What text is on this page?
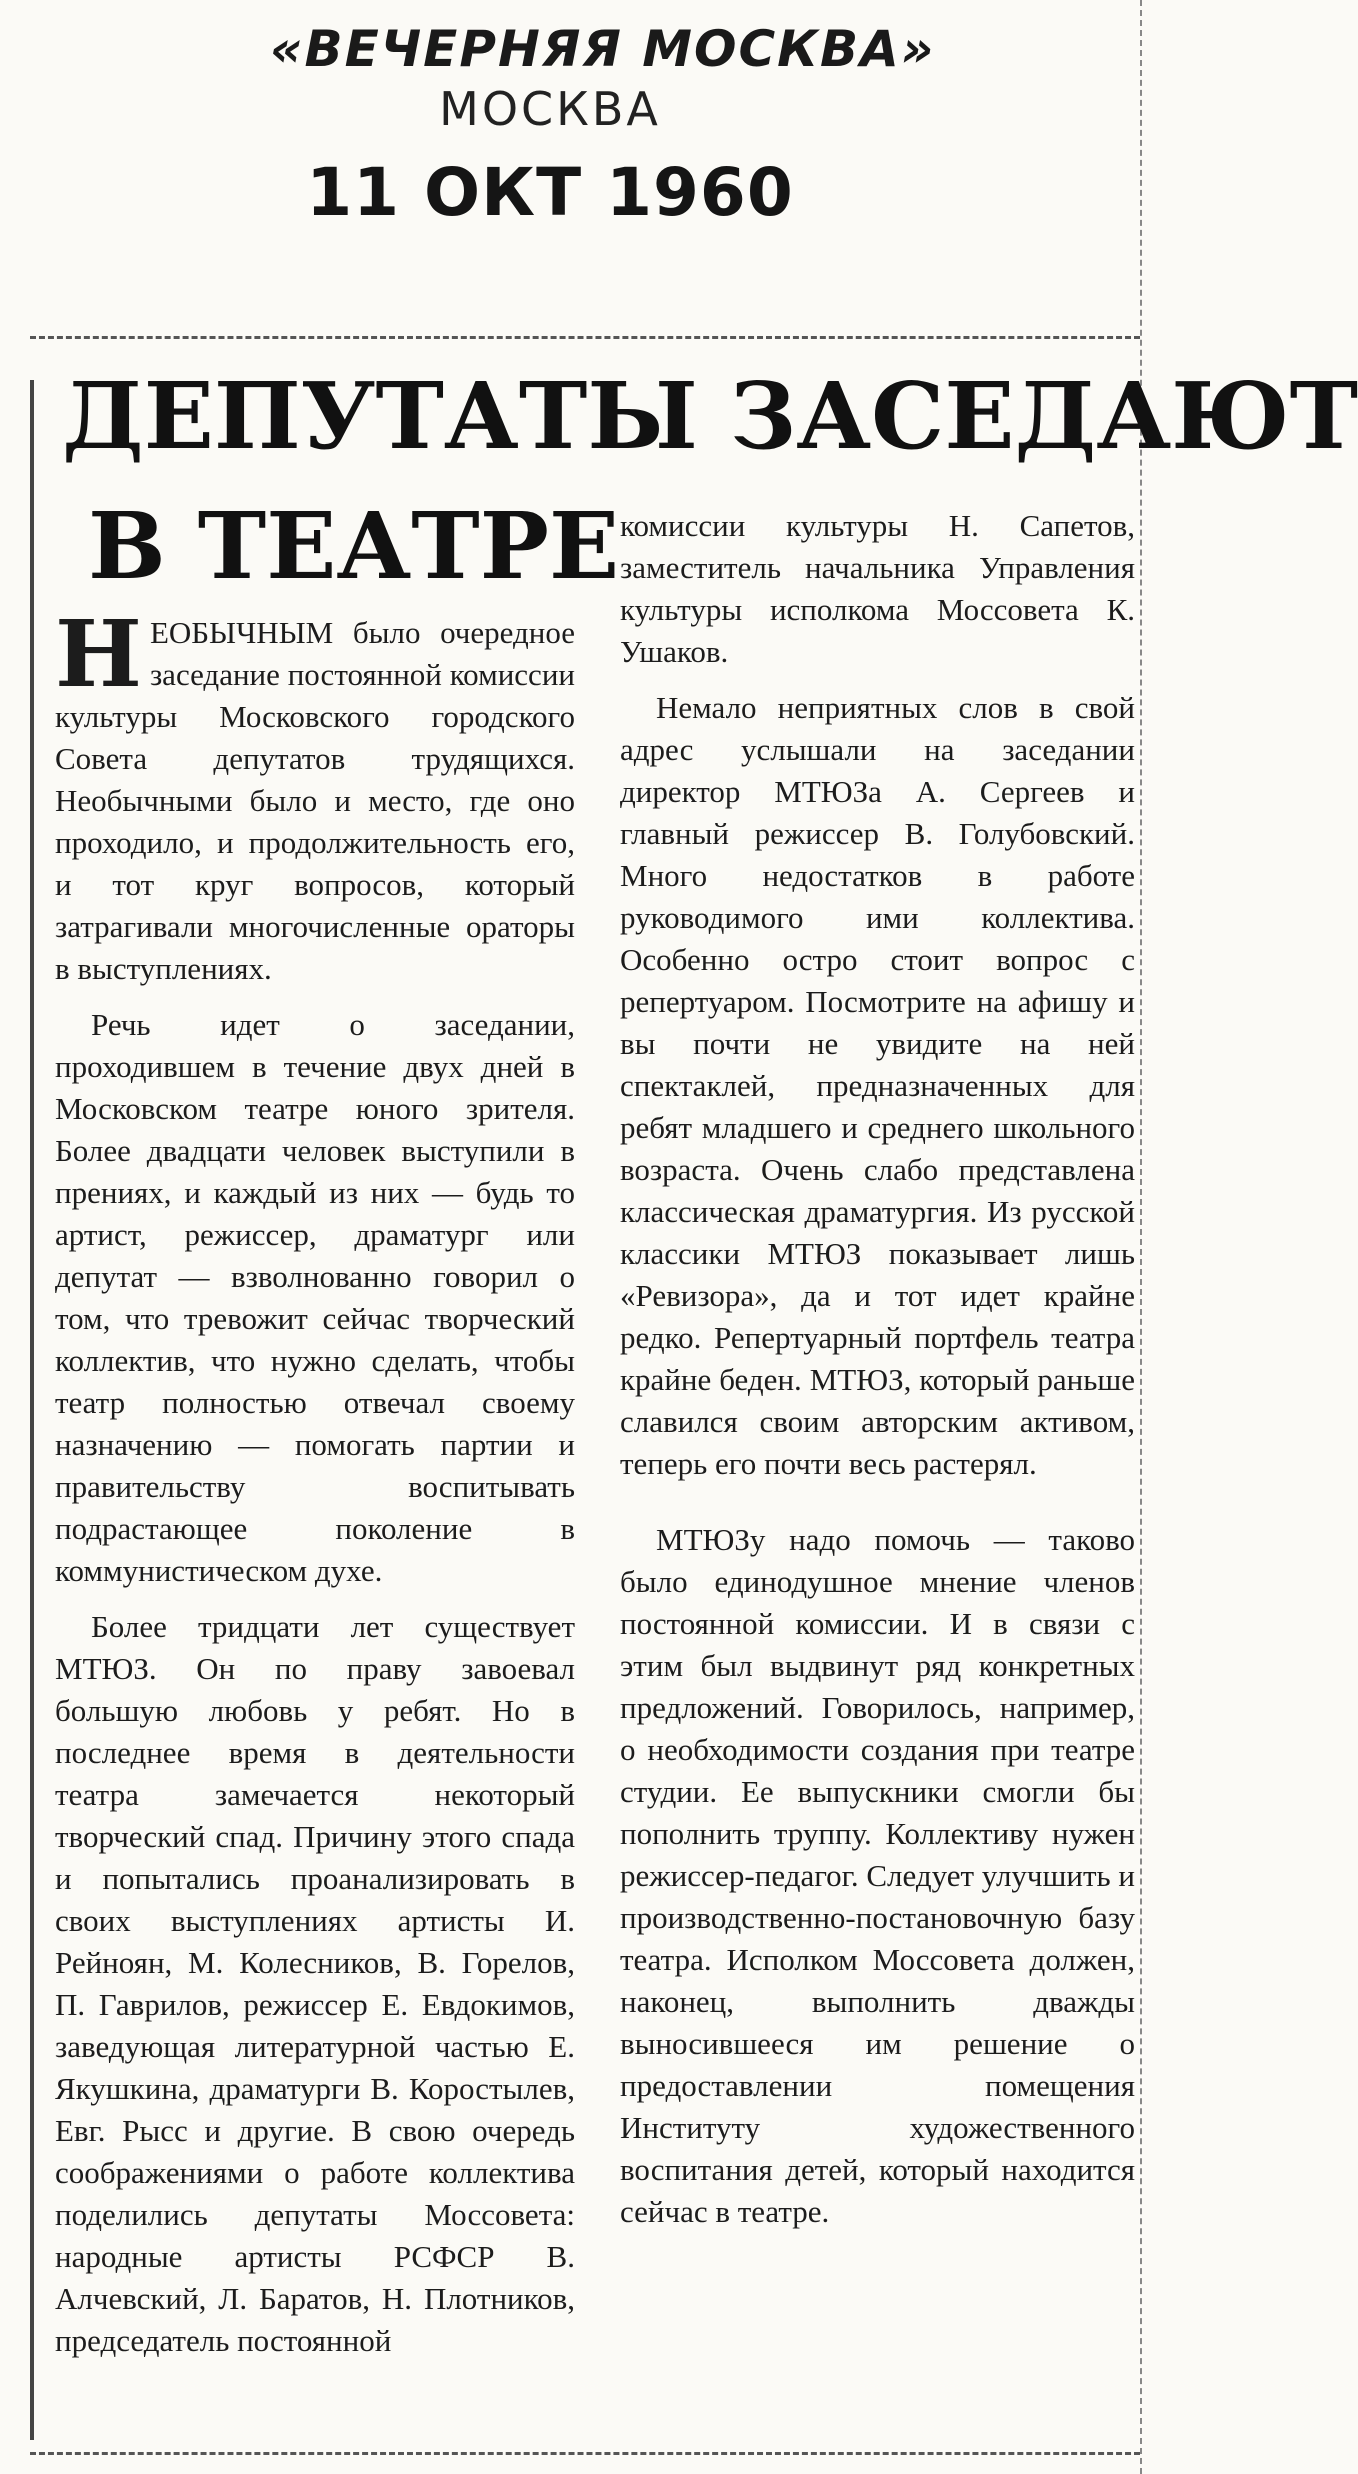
«ВЕЧЕРНЯЯ МОСКВА»
МОСКВА
11 ОКТ 1960
ДЕПУТАТЫ ЗАСЕДАЮТ
В ТЕАТРЕ

НЕОБЫЧНЫМ было очередное заседание постоянной комиссии культуры Московского городского Совета депутатов трудящихся. Необычными было и место, где оно проходило, и продолжительность его, и тот круг вопросов, который затрагивали многочисленные ораторы в выступлениях.

Речь идет о заседании, проходившем в течение двух дней в Московском театре юного зрителя. Более двадцати человек выступили в прениях, и каждый из них — будь то артист, режиссер, драматург или депутат — взволнованно говорил о том, что тревожит сейчас творческий коллектив, что нужно сделать, чтобы театр полностью отвечал своему назначению — помогать партии и правительству воспитывать подрастающее поколение в коммунистическом духе.

Более тридцати лет существует МТЮЗ. Он по праву завоевал большую любовь у ребят. Но в последнее время в деятельности театра замечается некоторый творческий спад. Причину этого спада и попытались проанализировать в своих выступлениях артисты И. Рейноян, М. Колесников, В. Горелов, П. Гаврилов, режиссер Е. Евдокимов, заведующая литературной частью Е. Якушкина, драматурги В. Коростылев, Евг. Рысс и другие. В свою очередь соображениями о работе коллектива поделились депутаты Моссовета: народные артисты РСФСР В. Алчевский, Л. Баратов, Н. Плотников, председатель постоянной

комиссии культуры Н. Сапетов, заместитель начальника Управления культуры исполкома Моссовета К. Ушаков.

Немало неприятных слов в свой адрес услышали на заседании директор МТЮЗа А. Сергеев и главный режиссер В. Голубовский. Много недостатков в работе руководимого ими коллектива. Особенно остро стоит вопрос с репертуаром. Посмотрите на афишу и вы почти не увидите на ней спектаклей, предназначенных для ребят младшего и среднего школьного возраста. Очень слабо представлена классическая драматургия. Из русской классики МТЮЗ показывает лишь «Ревизора», да и тот идет крайне редко. Репертуарный портфель театра крайне беден. МТЮЗ, который раньше славился своим авторским активом, теперь его почти весь растерял.

МТЮЗу надо помочь — таково было единодушное мнение членов постоянной комиссии. И в связи с этим был выдвинут ряд конкретных предложений. Говорилось, например, о необходимости создания при театре студии. Ее выпускники смогли бы пополнить труппу. Коллективу нужен режиссер-педагог. Следует улучшить и производственно-постановочную базу театра. Исполком Моссовета должен, наконец, выполнить дважды выносившееся им решение о предоставлении помещения Институту художественного воспитания детей, который находится сейчас в театре.
